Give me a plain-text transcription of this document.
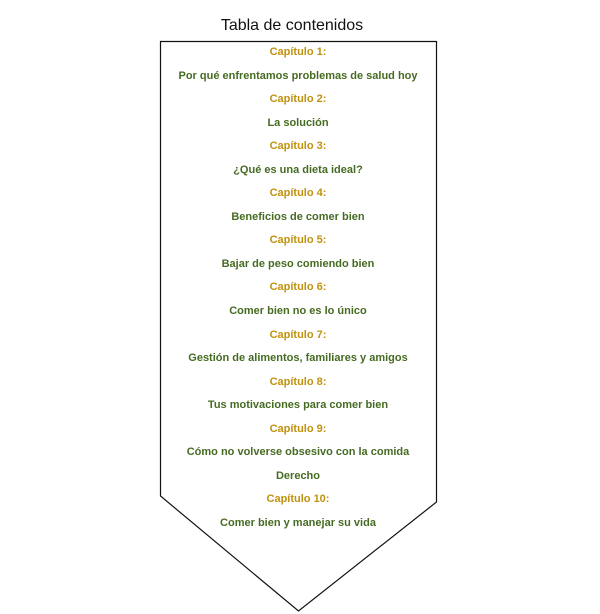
Tabla de contenidos
Capítulo 1:
Por qué enfrentamos problemas de salud hoy
Capítulo 2:
La solución
Capítulo 3:
¿Qué es una dieta ideal?
Capítulo 4:
Beneficios de comer bien
Capítulo 5:
Bajar de peso comiendo bien
Capítulo 6:
Comer bien no es lo único
Capítulo 7:
Gestión de alimentos, familiares y amigos
Capítulo 8:
Tus motivaciones para comer bien
Capítulo 9:
Cómo no volverse obsesivo con la comida
Derecho
Capítulo 10:
Comer bien y manejar su vida
